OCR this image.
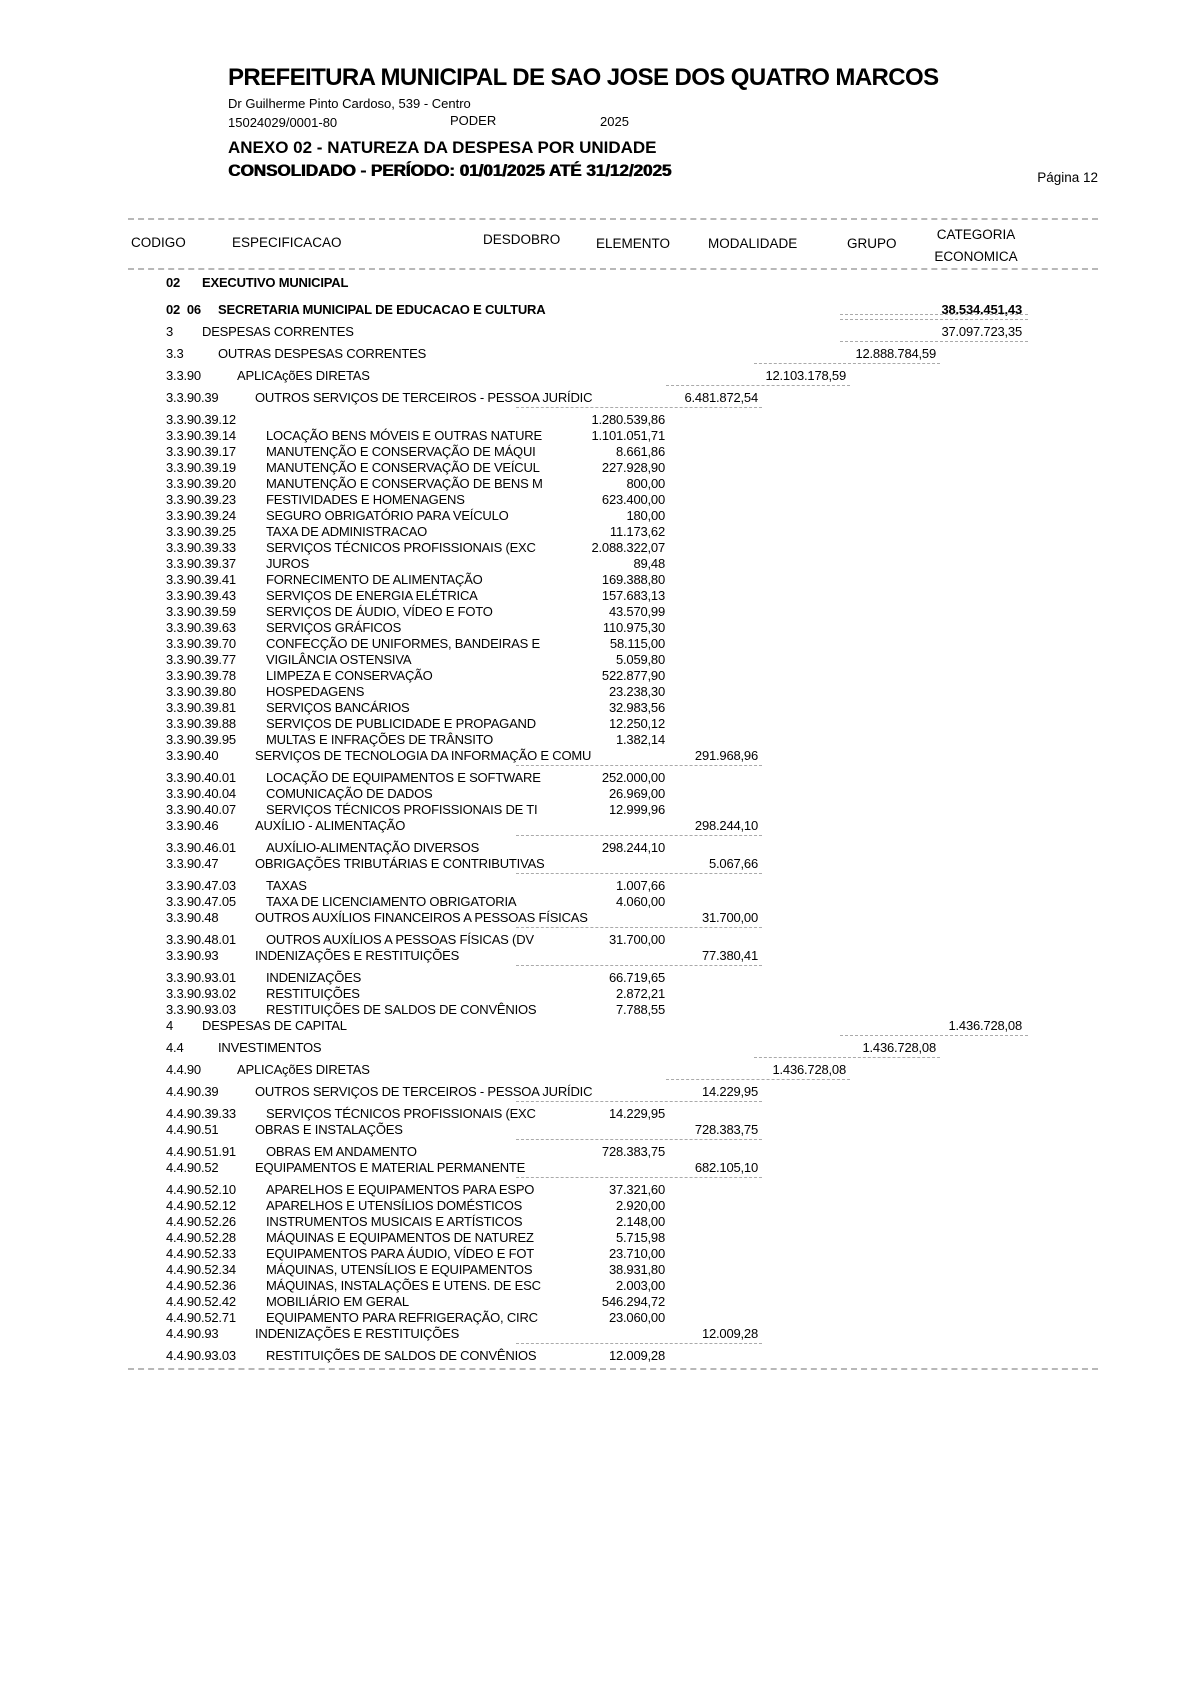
PREFEITURA MUNICIPAL DE SAO JOSE DOS QUATRO MARCOS
Dr Guilherme Pinto Cardoso, 539 - Centro
15024029/0001-80	PODER	2025
ANEXO 02 - NATUREZA DA DESPESA POR UNIDADE
CONSOLIDADO - PERÍODO: 01/01/2025 ATÉ 31/12/2025	Página 12
CODIGO	ESPECIFICACAO	DESDOBRO	ELEMENTO	MODALIDADE	GRUPO
CATEGORIA
ECONOMICA
02 EXECUTIVO MUNICIPAL
02  06 SECRETARIA MUNICIPAL DE EDUCACAO E CULTURA	38.534.451,43
3 DESPESAS CORRENTES	37.097.723,35
3.3	OUTRAS DESPESAS CORRENTES	12.888.784,59
3.3.90	APLICAçõES DIRETAS	12.103.178,59
3.3.90.39	OUTROS SERVIÇOS DE TERCEIROS - PESSOA JURÍDIC	6.481.872,54
3.3.90.39.12	1.280.539,86
3.3.90.39.14 LOCAÇÃO BENS MÓVEIS E OUTRAS NATURE	1.101.051,71
3.3.90.39.17 MANUTENÇÃO E CONSERVAÇÃO DE MÁQUI	8.661,86
3.3.90.39.19 MANUTENÇÃO E CONSERVAÇÃO DE VEÍCUL	227.928,90
3.3.90.39.20 MANUTENÇÃO E CONSERVAÇÃO DE BENS M	800,00
3.3.90.39.23 FESTIVIDADES E HOMENAGENS	623.400,00
3.3.90.39.24 SEGURO OBRIGATÓRIO PARA VEÍCULO	180,00
3.3.90.39.25 TAXA DE ADMINISTRACAO	11.173,62
3.3.90.39.33 SERVIÇOS TÉCNICOS PROFISSIONAIS (EXC	2.088.322,07
3.3.90.39.37 JUROS	89,48
3.3.90.39.41 FORNECIMENTO DE ALIMENTAÇÃO	169.388,80
3.3.90.39.43 SERVIÇOS DE ENERGIA ELÉTRICA	157.683,13
3.3.90.39.59 SERVIÇOS DE ÁUDIO, VÍDEO E FOTO	43.570,99
3.3.90.39.63 SERVIÇOS GRÁFICOS	110.975,30
3.3.90.39.70 CONFECÇÃO DE UNIFORMES, BANDEIRAS E	58.115,00
3.3.90.39.77 VIGILÂNCIA OSTENSIVA	5.059,80
3.3.90.39.78 LIMPEZA E CONSERVAÇÃO	522.877,90
3.3.90.39.80 HOSPEDAGENS	23.238,30
3.3.90.39.81 SERVIÇOS BANCÁRIOS	32.983,56
3.3.90.39.88 SERVIÇOS DE PUBLICIDADE E PROPAGAND	12.250,12
3.3.90.39.95 MULTAS E INFRAÇÕES DE TRÂNSITO	1.382,14
3.3.90.40	SERVIÇOS DE TECNOLOGIA DA INFORMAÇÃO E COMU	291.968,96
3.3.90.40.01 LOCAÇÃO DE EQUIPAMENTOS E SOFTWARE	252.000,00
3.3.90.40.04 COMUNICAÇÃO DE DADOS	26.969,00
3.3.90.40.07 SERVIÇOS TÉCNICOS PROFISSIONAIS DE TI	12.999,96
3.3.90.46	AUXÍLIO - ALIMENTAÇÃO	298.244,10
3.3.90.46.01 AUXÍLIO-ALIMENTAÇÃO DIVERSOS	298.244,10
3.3.90.47	OBRIGAÇÕES TRIBUTÁRIAS E CONTRIBUTIVAS	5.067,66
3.3.90.47.03 TAXAS	1.007,66
3.3.90.47.05 TAXA DE LICENCIAMENTO OBRIGATORIA	4.060,00
3.3.90.48	OUTROS AUXÍLIOS FINANCEIROS A PESSOAS FÍSICAS	31.700,00
3.3.90.48.01 OUTROS AUXÍLIOS A PESSOAS FÍSICAS (DV	31.700,00
3.3.90.93	INDENIZAÇÕES E RESTITUIÇÕES	77.380,41
3.3.90.93.01 INDENIZAÇÕES	66.719,65
3.3.90.93.02 RESTITUIÇÕES	2.872,21
3.3.90.93.03 RESTITUIÇÕES DE SALDOS DE CONVÊNIOS	7.788,55
4 DESPESAS DE CAPITAL	1.436.728,08
4.4	INVESTIMENTOS	1.436.728,08
4.4.90	APLICAçõES DIRETAS	1.436.728,08
4.4.90.39	OUTROS SERVIÇOS DE TERCEIROS - PESSOA JURÍDIC	14.229,95
4.4.90.39.33 SERVIÇOS TÉCNICOS PROFISSIONAIS (EXC	14.229,95
4.4.90.51	OBRAS E INSTALAÇÕES	728.383,75
4.4.90.51.91 OBRAS EM ANDAMENTO	728.383,75
4.4.90.52	EQUIPAMENTOS E MATERIAL PERMANENTE	682.105,10
4.4.90.52.10 APARELHOS E EQUIPAMENTOS PARA ESPO	37.321,60
4.4.90.52.12 APARELHOS E UTENSÍLIOS DOMÉSTICOS	2.920,00
4.4.90.52.26 INSTRUMENTOS MUSICAIS E ARTÍSTICOS	2.148,00
4.4.90.52.28 MÁQUINAS E EQUIPAMENTOS DE NATUREZ	5.715,98
4.4.90.52.33 EQUIPAMENTOS PARA ÁUDIO, VÍDEO E FOT	23.710,00
4.4.90.52.34 MÁQUINAS, UTENSÍLIOS E EQUIPAMENTOS	38.931,80
4.4.90.52.36 MÁQUINAS, INSTALAÇÕES E UTENS. DE ESC	2.003,00
4.4.90.52.42 MOBILIÁRIO EM GERAL	546.294,72
4.4.90.52.71 EQUIPAMENTO PARA REFRIGERAÇÃO, CIRC	23.060,00
4.4.90.93	INDENIZAÇÕES E RESTITUIÇÕES	12.009,28
4.4.90.93.03 RESTITUIÇÕES DE SALDOS DE CONVÊNIOS	12.009,28
